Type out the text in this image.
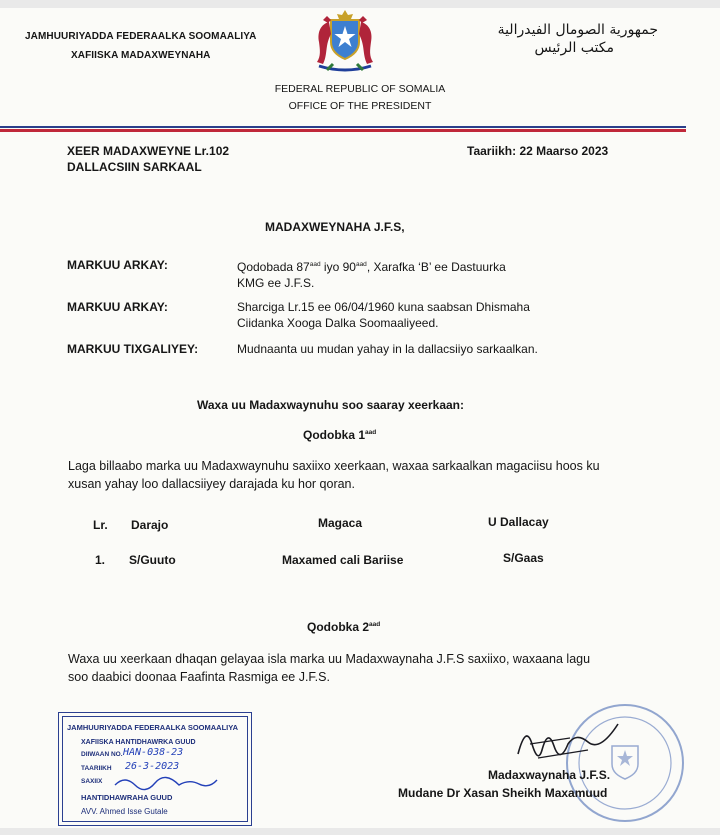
JAMHUURIYADDA FEDERAALKA SOOMAALIYA
XAFIISKA MADAXWEYNAHA
جمهورية الصومال الفيدرالية
مكتب الرئيس
FEDERAL REPUBLIC OF SOMALIA
OFFICE OF THE PRESIDENT
XEER MADAXWEYNE Lr.102
DALLACSIIN SARKAAL
Taariikh: 22 Maarso 2023
MADAXWEYNAHA J.F.S,
MARKUU ARKAY:	Qodobada $87^{aad}$ iyo $90^{aad}$, Xarafka ‘B’ ee Dastuurka
KMG ee J.F.S.
MARKUU ARKAY:	Sharciga Lr.15 ee 06/04/1960 kuna saabsan Dhismaha
Ciidanka Xooga Dalka Soomaaliyeed.
MARKUU TIXGALIYEY:	Mudnaanta uu mudan yahay in la dallacsiiyo sarkaalkan.
Waxa uu Madaxwaynuhu soo saaray xeerkaan:
Qodobka $1^{aad}$
Laga billaabo marka uu Madaxwaynuhu saxiixo xeerkaan, waxaa sarkaalkan magaciisu hoos ku
xusan yahay loo dallacsiiyey darajada ku hor qoran.
Lr. Darajo	Magaca	U Dallacay
1. S/Guuto	Maxamed cali Bariise	S/Gaas
Qodobka $2^{aad}$
Waxa uu xeerkaan dhaqan gelayaa isla marka uu Madaxwaynaha J.F.S saxiixo, waxaana lagu
soo daabici doonaa Faafinta Rasmiga ee J.F.S.
JAMHUURIYADDA FEDERAALKA SOOMAALIYA
XAFIISKA HANTIDHAWRKA GUUD
DIIWAAN NO. HAN-038-23
TAARIIKH 26-3-2023
SAXIIX
HANTIDHAWRAHA GUUD
AVV. Ahmed Isse Gutale
Madaxwaynaha J.F.S.
Mudane Dr Xasan Sheikh Maxamuud
